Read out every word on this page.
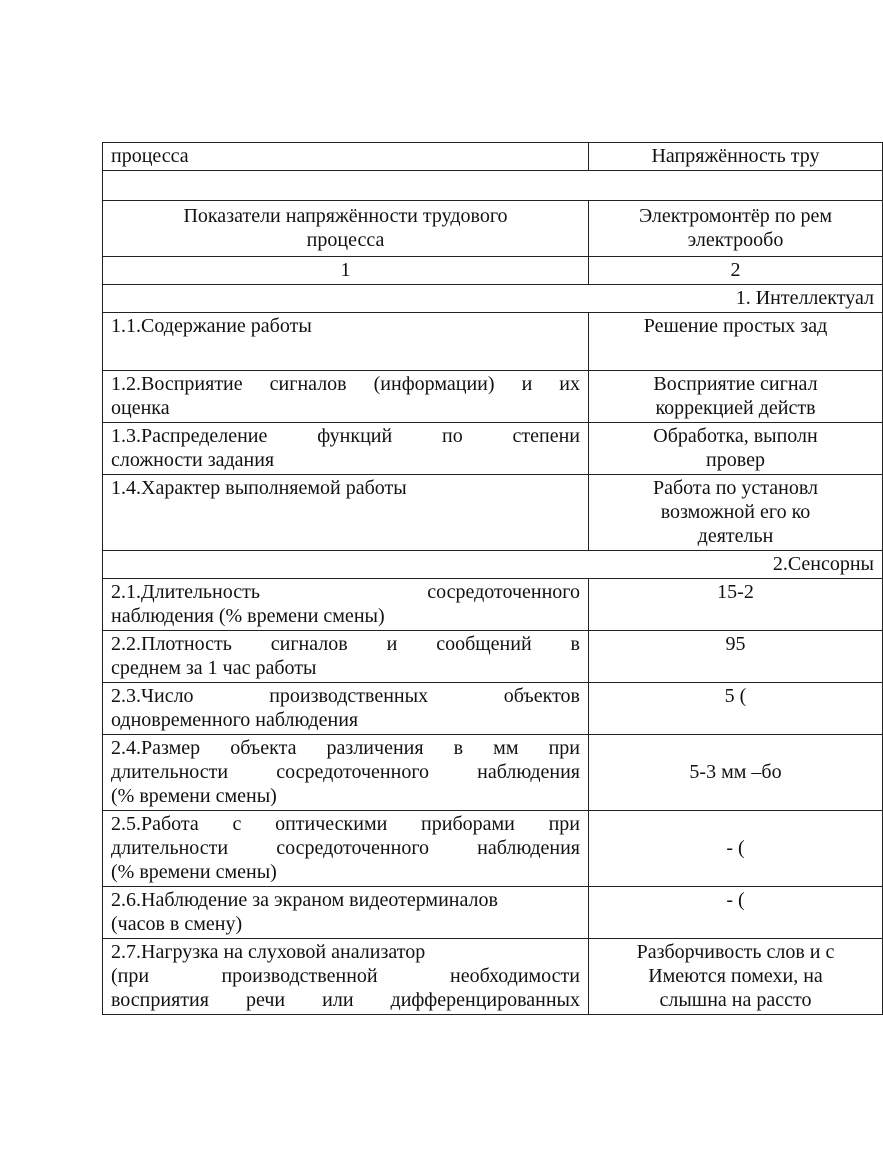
процесса	Напряжённость тру

Показатели напряжённости трудового
процесса	Электромонтёр по рем
электрообо

1	2
1. Интеллектуал	

1.1.Содержание работы	Решение простых зад

1.2.Восприятие сигналов (информации) и их
оценка	Восприятие сигнал
коррекцией действ

1.3.Распределение функций по степени
сложности задания	Обработка, выполн
провер

1.4.Характер выполняемой работы	Работа по установл
возможной его ко
деятельн

2.Сенсорны	

2.1.Длительность сосредоточенного
наблюдения (% времени смены)	15-2

2.2.Плотность сигналов и сообщений в
среднем за 1 час работы	95

2.3.Число производственных объектов
одновременного наблюдения	5 (

2.4.Размер объекта различения в мм при
длительности сосредоточенного наблюдения
(% времени смены)	5-3 мм –бо

2.5.Работа с оптическими приборами при
длительности сосредоточенного наблюдения
(% времени смены)	- (

2.6.Наблюдение за экраном видеотерминалов
(часов в смену)	- (

2.7.Нагрузка на слуховой анализатор
(при производственной необходимости
восприятия речи или дифференцированных	Разборчивость слов и с
Имеются помехи, на
слышна на рассто
